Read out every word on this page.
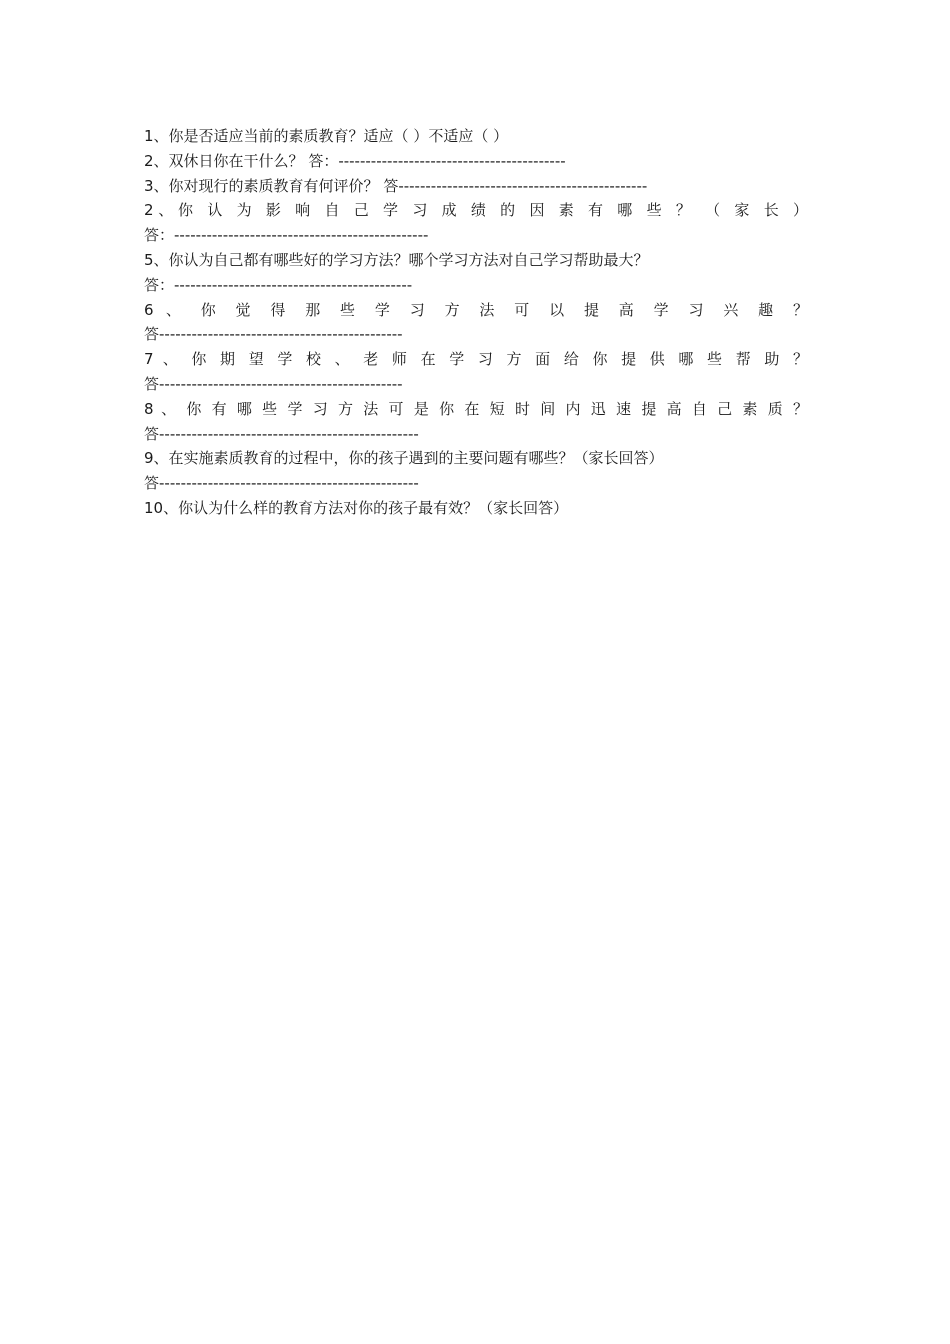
1、你是否适应当前的素质教育？适应（ ）不适应（ ）
2、双休日你在干什么？ 答：------------------------------------------
3、你对现行的素质教育有何评价？ 答----------------------------------------------
2、你 认 为 影 响 自 己 学 习 成 绩 的 因 素 有 哪 些 ？ （ 家 长 ）
答：-----------------------------------------------
5、你认为自己都有哪些好的学习方法？哪个学习方法对自己学习帮助最大？
答：--------------------------------------------
6 、 你 觉 得 那 些 学 习 方 法 可 以 提 高 学 习 兴 趣 ？
答---------------------------------------------
7 、 你 期 望 学 校 、 老 师 在 学 习 方 面 给 你 提 供 哪 些 帮 助 ？
答---------------------------------------------
8 、 你 有 哪 些 学 习 方 法 可 是 你 在 短 时 间 内 迅 速 提 高 自 己 素 质 ？
答------------------------------------------------
9、在实施素质教育的过程中，你的孩子遇到的主要问题有哪些？（家长回答）
答------------------------------------------------
10、你认为什么样的教育方法对你的孩子最有效？（家长回答）
